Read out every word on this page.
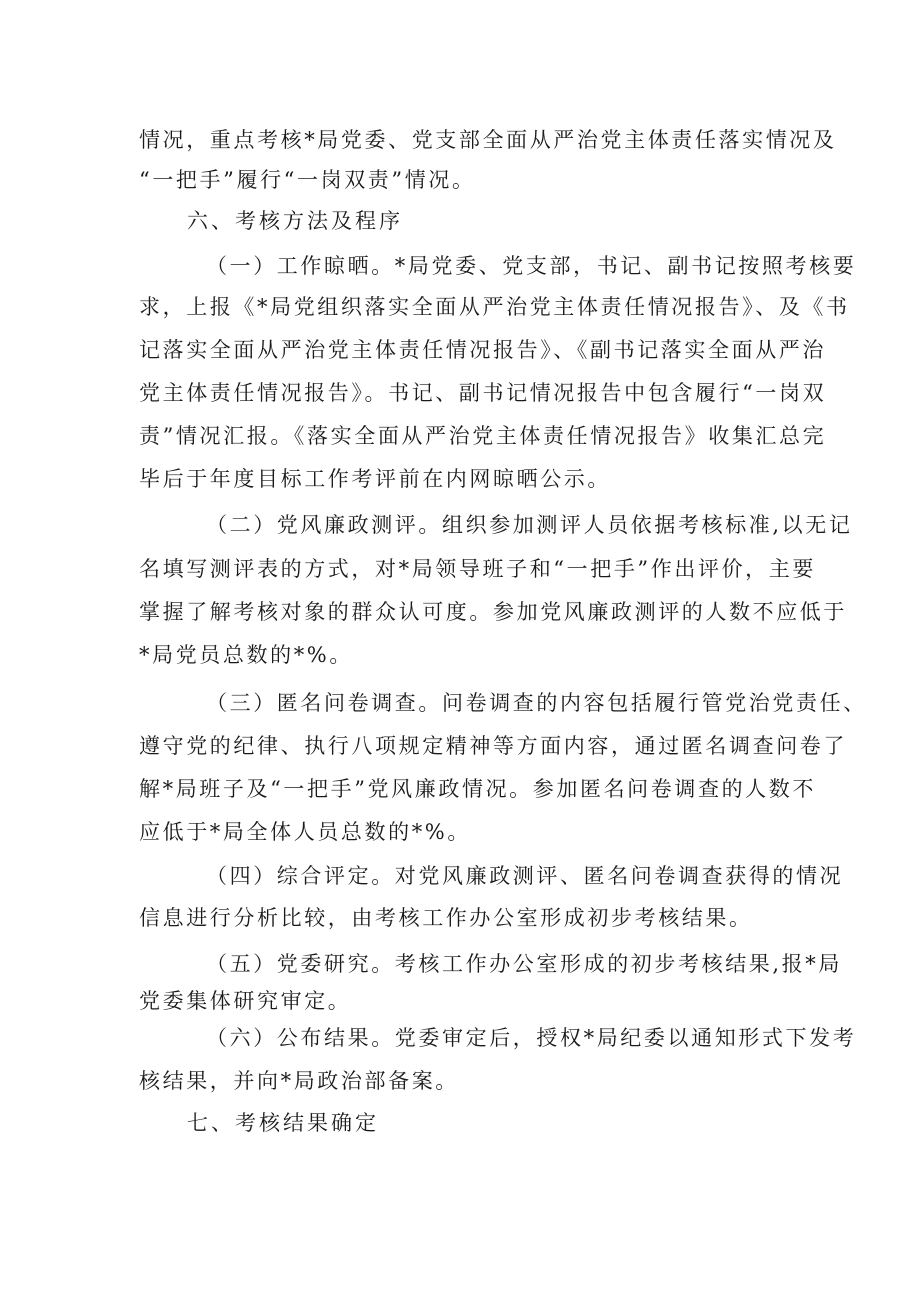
情况，重点考核*局党委、党支部全面从严治党主体责任落实情况及
“一把手”履行“一岗双责”情况。
六、考核方法及程序
（一）工作晾晒。*局党委、党支部，书记、副书记按照考核要
求，上报《*局党组织落实全面从严治党主体责任情况报告》、及《书
记落实全面从严治党主体责任情况报告》、《副书记落实全面从严治
党主体责任情况报告》。书记、副书记情况报告中包含履行“一岗双
责”情况汇报。《落实全面从严治党主体责任情况报告》收集汇总完
毕后于年度目标工作考评前在内网晾晒公示。
（二）党风廉政测评。组织参加测评人员依据考核标准,以无记
名填写测评表的方式，对*局领导班子和“一把手”作出评价，主要
掌握了解考核对象的群众认可度。参加党风廉政测评的人数不应低于
*局党员总数的*%。
（三）匿名问卷调查。问卷调查的内容包括履行管党治党责任、
遵守党的纪律、执行八项规定精神等方面内容，通过匿名调查问卷了
解*局班子及“一把手”党风廉政情况。参加匿名问卷调查的人数不
应低于*局全体人员总数的*%。
（四）综合评定。对党风廉政测评、匿名问卷调查获得的情况
信息进行分析比较，由考核工作办公室形成初步考核结果。
（五）党委研究。考核工作办公室形成的初步考核结果,报*局
党委集体研究审定。
（六）公布结果。党委审定后，授权*局纪委以通知形式下发考
核结果，并向*局政治部备案。
七、考核结果确定
